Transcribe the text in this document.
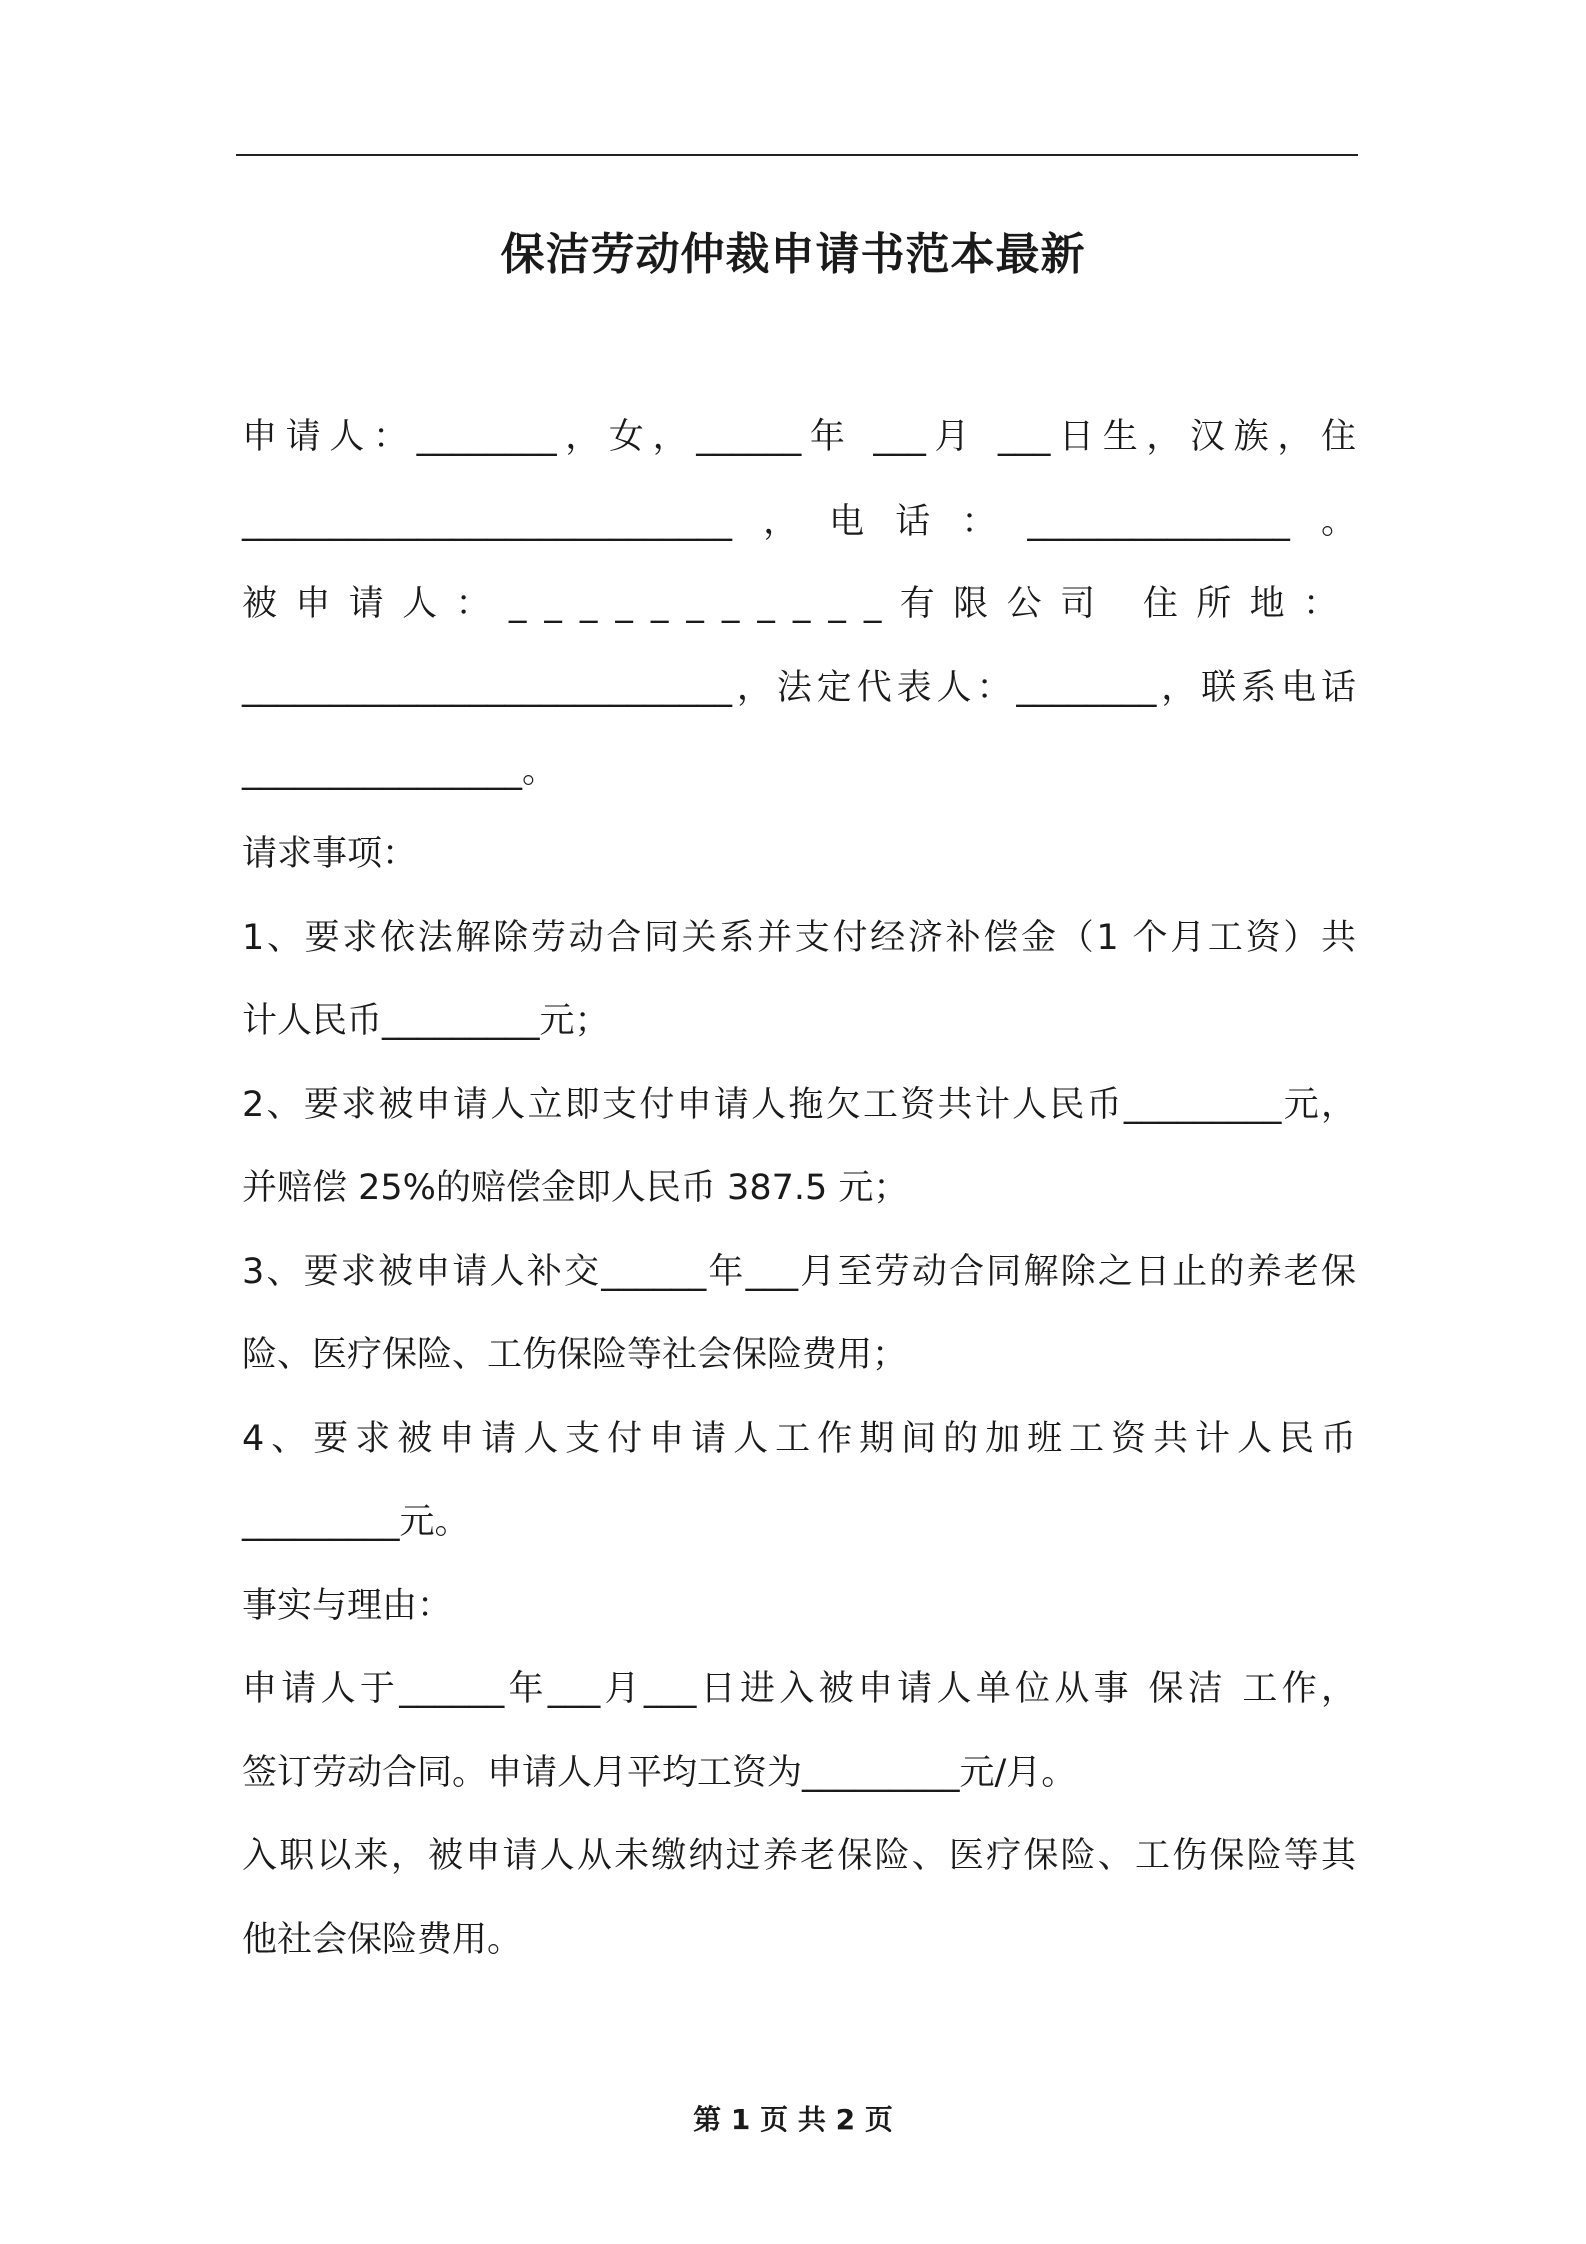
保洁劳动仲裁申请书范本最新
申请人：________，女，______年 ___月 ___日生，汉族，住
____________________________，电话：_______________。
被申请人：___________有限公司 住所地：
____________________________，法定代表人：________，联系电话
________________。
请求事项：
1、要求依法解除劳动合同关系并支付经济补偿金（1 个月工资）共
计人民币_________元；
2、要求被申请人立即支付申请人拖欠工资共计人民币_________元，
并赔偿 25%的赔偿金即人民币 387.5 元；
3、要求被申请人补交______年___月至劳动合同解除之日止的养老保
险、医疗保险、工伤保险等社会保险费用；
4、要求被申请人支付申请人工作期间的加班工资共计人民币
_________元。
事实与理由：
申请人于______年___月___日进入被申请人单位从事 保洁 工作，
签订劳动合同。申请人月平均工资为_________元/月。
入职以来，被申请人从未缴纳过养老保险、医疗保险、工伤保险等其
他社会保险费用。
第 1 页 共 2 页
